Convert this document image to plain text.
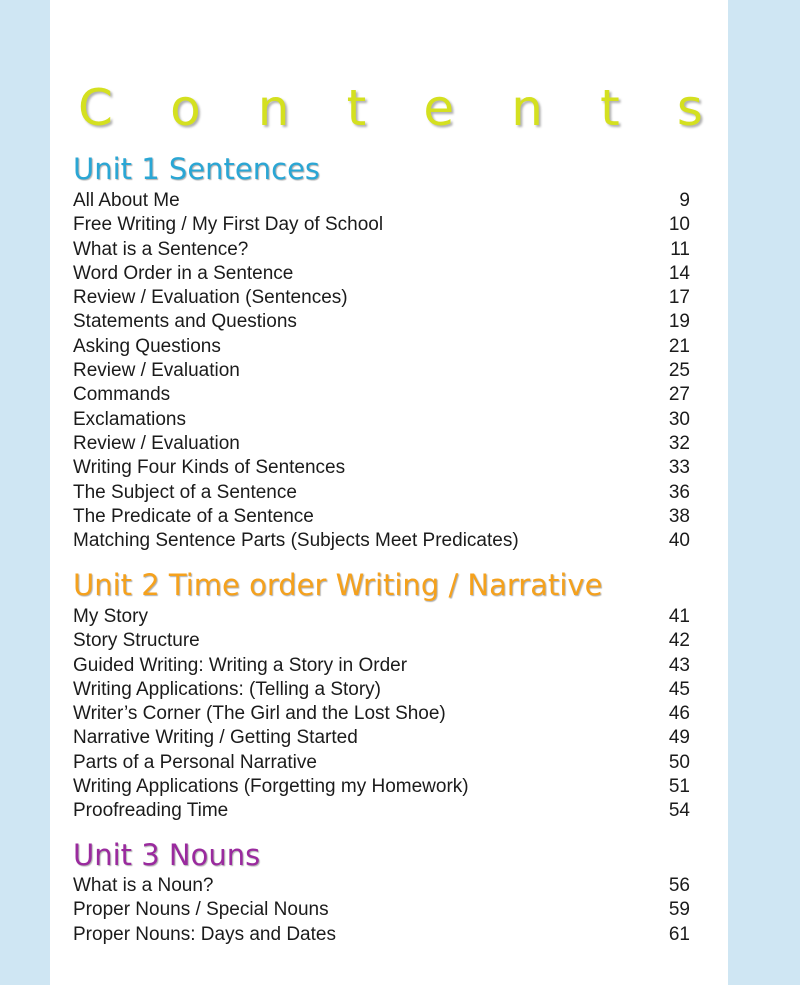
C o n t e n t s
Unit 1 Sentences
All About Me	9
Free Writing / My First Day of School	10
What is a Sentence?	11
Word Order in a Sentence	14
Review / Evaluation (Sentences)	17
Statements and Questions	19
Asking Questions	21
Review / Evaluation	25
Commands	27
Exclamations	30
Review / Evaluation	32
Writing Four Kinds of Sentences	33
The Subject of a Sentence	36
The Predicate of a Sentence	38
Matching Sentence Parts (Subjects Meet Predicates)	40
Unit 2 Time order Writing / Narrative
My Story	41
Story Structure	42
Guided Writing: Writing a Story in Order	43
Writing Applications: (Telling a Story)	45
Writer’s Corner (The Girl and the Lost Shoe)	46
Narrative Writing / Getting Started	49
Parts of a Personal Narrative	50
Writing Applications (Forgetting my Homework)	51
Proofreading Time	54
Unit 3 Nouns
What is a Noun?	56
Proper Nouns / Special Nouns	59
Proper Nouns: Days and Dates	61
